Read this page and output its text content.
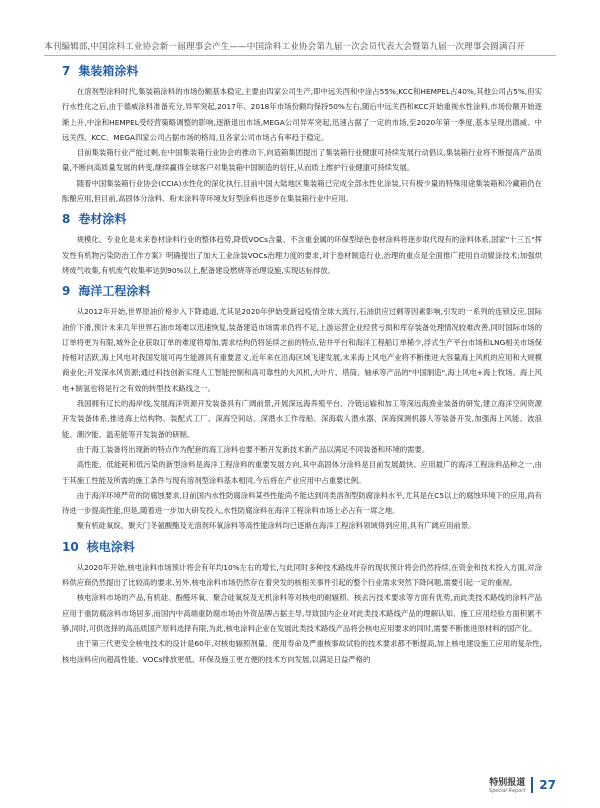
本刊编辑部,中国涂料工业协会新一届理事会产生——中国涂料工业协会第九届一次会员代表大会暨第九届一次理事会圆满召开
7 集装箱涂料

在溶剂型涂料时代,集装箱涂料的市场份额基本稳定,主要由四家公司生产,即中远关西和中涂占55%,KCC和HEMPEL占40%,其他公司占5%,但实行水性化之后,由于德威涂料准备充分,异军突起,2017年、2018年市场份额均保持50%左右,随后中远关西和KCC开始重视水性涂料,市场份额开始逐渐上升,中涂和HEMPEL受经营策略调整的影响,逐渐退出市场,MEGA公司异军突起,迅速占据了一定的市场,至2020年第一季度,基本呈现出德威、中远关西、KCC、MEGA四家公司占据市场的格局,且各家公司市场占有率趋于稳定。

目前集装箱行业产能过剩,在中国集装箱行业协会的推动下,向造箱集团提出了集装箱行业健康可持续发展行动倡议,集装箱行业将不断提高产品质量,不断向高质量发展的转变,继续赢得全球客户对集装箱中国制造的信任,从而质上维护行业健康可持续发展。

随着中国集装箱行业协会(CCIA)水性化的深化执行,目前中国大陆地区集装箱已完成全部水性化涂装,只有极少量的特殊用途集装箱和冷藏箱仍在酝酿应用,但目前,高固体分涂料、粉末涂料等环境友好型涂料也逐步在集装箱行业中应用。

8 卷材涂料

规模化、专业化是未来卷材涂料行业的整体趋势,降低VOCs含量、不含重金属的环保型绿色卷材涂料将逐步取代现有的涂料体系,国家"十三五"挥发性有机物污染防治工作方案》明确提出了加大工业涂装VOCs治理力度的要求,对于卷材制造行业,治理的重点是全面推广使用自动辊涂技术;加强烘烤废气收集,有机废气收集率达到90%以上,配备建设燃烧等治理设施,实现达标排放。

9 海洋工程涂料

从2012年开始,世界原油价格步入下降通道,尤其是2020年伊始受新冠疫情全球大流行,石油供应过剩等因素影响,引发的一系列的连锁反应,国际油价下滑,预计未来几年世界石油市场难以迅速恢复,装备建造市场需求仍将不足,上游运营企业经营亏损和库存装备处理情况较难改善,同时国际市场的订单将更为有限,城外企业获取订单的难度将增加,需求结构仍将延续之前的特点,钻井平台和海洋工程船订单稀少,浮式生产平台市场和LNG相关市场保持相对活跃,海上风电对我国发展可再生能源具有重要意义,近年来在沿海区域飞速发展,未来海上风电产业将不断推进大容量海上风机的应用和大规模商业化;开发深水风资源;通过科技创新实现人工智能控制和高可靠性的大风机,大叶片、塔筒、轴承等产品的"中国制造",海上风电+海上牧场、海上风电+制氢也将是行之有效的转型技术路线之一。

我国拥有辽长的海岸线,发展海洋资源开发装备具有广阔前景,开展深远海养殖平台、冷链运输和加工等深远海渔业装备的研发,建立海洋空间资源开发装备体系,推进海上结构物、装配式工厂、深海空间站、深潜水工作母船、深海载人潜水器、深海探测机器人等装备开发,加强海上风能、波浪能、潮汐能、温差能等开发装备的研制。

由于海工装备将出现新的特点作为配套的海工涂料也要不断开发新技术新产品以满足不同装备和环境的需要。

高性能、低能耗和低污染的新型涂料是海洋工程涂料的重要发展方向,其中高固体分涂料是目前发展最快、应用最广的海洋工程涂料品种之一,由于其施工性能及所需的施工条件与现有溶剂型涂料基本相同,今后将在产业应用中占重要比例。

由于海洋环境严苛的防腐蚀要求,目前国内水性防腐涂料某些性能尚不能达到同类溶剂型防腐涂料水平,尤其是在C5以上的腐蚀环境下的应用,尚有待进一步提高性能,但是,随着进一步加大研发投入,水性防腐涂料在海洋工程涂料市场上必占有一席之地。

聚有机硅氧烷、聚天门冬氨酸酯及无溶剂环氧涂料等高性能涂料均已逐渐在海洋工程涂料领域得到应用,具有广阔应用前景。

10 核电涂料

从2020年开始,核电涂料市场预计将会有年均10%左右的增长,与此同时多种技术路线并存的现状预计将会仍然持续,在资金和技术投入方面,对涂料供应商仍然提出了比较高的要求,另外,核电涂料市场仍然存在着突发的核相关事件引起的整个行业需求突然下降问题,需要引起一定的重视。

核电涂料市场的产品,有机硅、酚醛环氧、聚合硅氧烷及无机涂料等对核电的耐辐照、核去污技术要求等方面有优势,而此类技术路线的涂料产品应用于重防腐涂料市场居多,而国内中高端重防腐市场由外资品牌占据主导,导致国内企业对此类技术路线产品的理解认知、施工应用经验方面积累不够,同时,可供选择的高品质国产原料选择有限,为此,核电涂料企业在发展此类技术路线产品将会核电应用要求的同时,需要不断推进原材料的国产化。

由于第三代更安全核电技术的设计是60年,对核电辐照剂量、使用寿命及严重核事故试验的技术要求都不断提高,加上核电建设施工应用的复杂性,核电涂料应向超高性能、VOCs排放更低、环保及施工更方便的技术方向发展,以满足日益严格的

特别报道
Special Report 27
